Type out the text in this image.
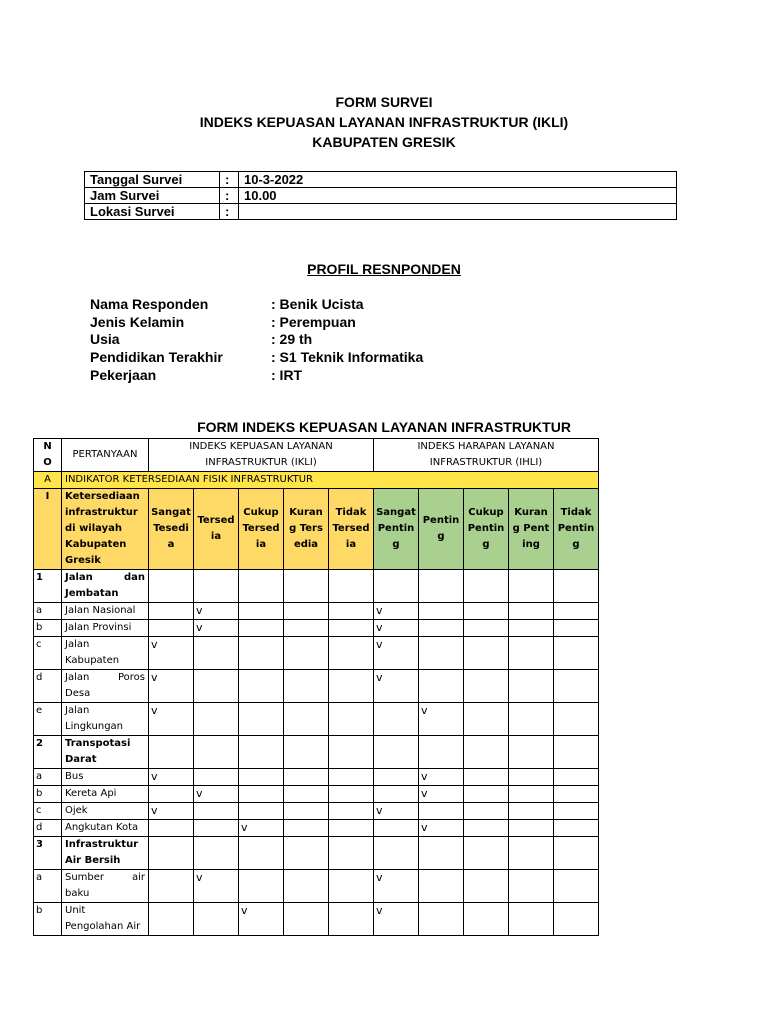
FORM SURVEI
INDEKS KEPUASAN LAYANAN INFRASTRUKTUR (IKLI)
KABUPATEN GRESIK
Tanggal Survei	:	10-3-2022
Jam Survei	:	10.00
Lokasi Survei	:	
PROFIL RESNPONDEN
Nama Responden	: Benik Ucista
Jenis Kelamin	: Perempuan
Usia	: 29 th
Pendidikan Terakhir	: S1 Teknik Informatika
Pekerjaan	: IRT
FORM INDEKS KEPUASAN LAYANAN INFRASTRUKTUR
N
O	PERTANYAAN	INDEKS KEPUASAN LAYANAN INFRASTRUKTUR (IKLI)					INDEKS HARAPAN LAYANAN INFRASTRUKTUR (IHLI)				
A	INDIKATOR KETERSEDIAAN FISIK INFRASTRUKTUR										
I	Ketersediaan infrastruktur di wilayah Kabupaten Gresik	Sangat Tesedia	Tersedia	Cukup Tersedia	Kurang Tersedia	Tidak Tersedia	Sangat Penting	Penting	Cukup Penting	Kurang Penting	Tidak Penting
1	Jalan dan Jembatan										
a	Jalan Nasional		v				v				
b	Jalan Provinsi		v				v				
c	Jalan Kabupaten	v					v				
d	Jalan Poros Desa	v					v				
e	Jalan Lingkungan	v						v			
2	Transpotasi Darat										
a	Bus	v						v			
b	Kereta Api		v					v			
c	Ojek	v					v				
d	Angkutan Kota			v				v			
3	Infrastruktur Air Bersih										
a	Sumber air baku		v				v				
b	Unit Pengolahan Air			v			v				
